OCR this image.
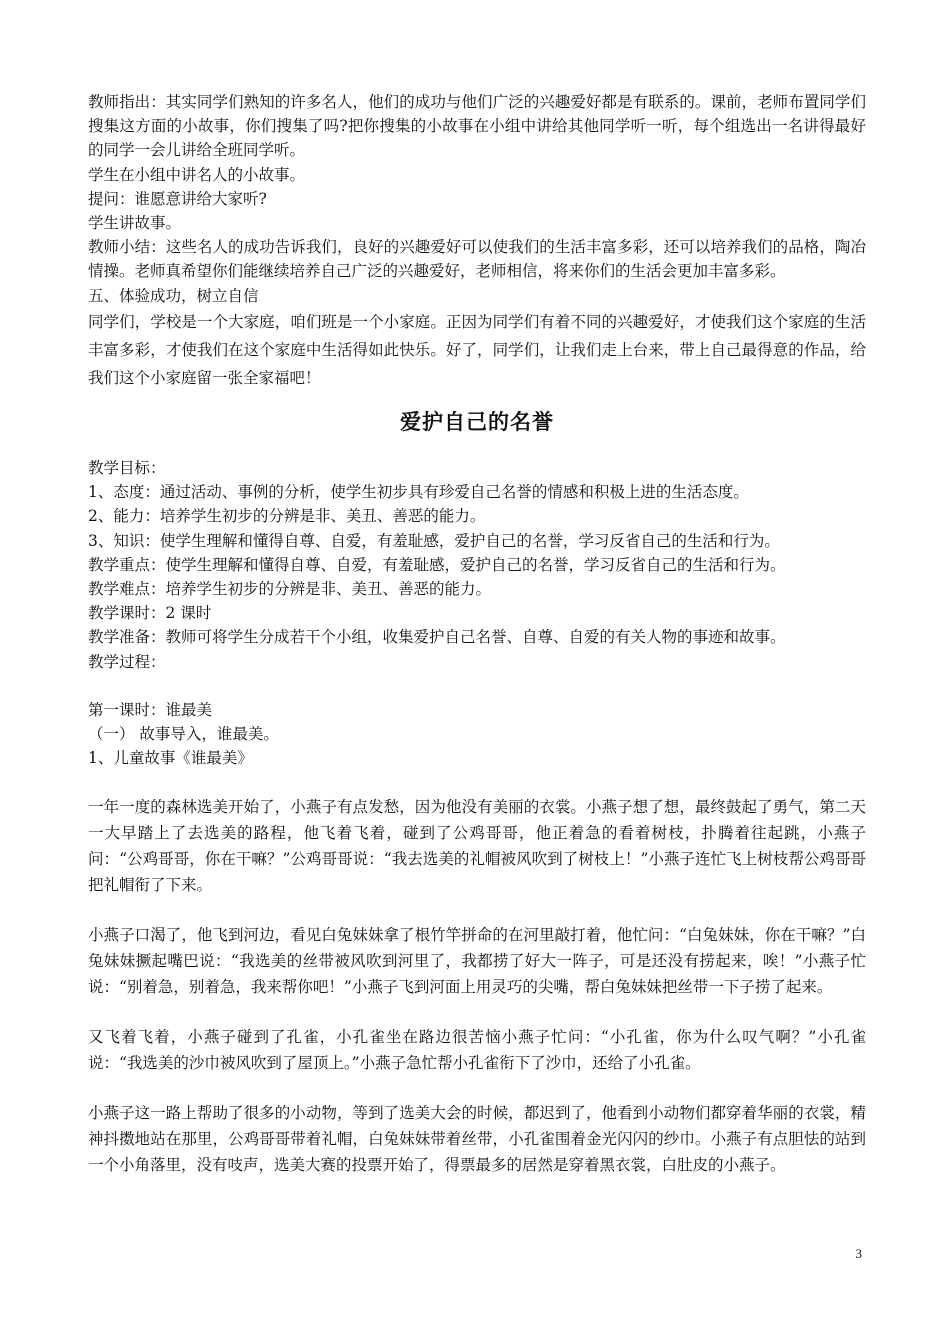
教师指出：其实同学们熟知的许多名人，他们的成功与他们广泛的兴趣爱好都是有联系的。课前，老师布置同学们搜集这方面的小故事，你们搜集了吗?把你搜集的小故事在小组中讲给其他同学听一听，每个组选出一名讲得最好的同学一会儿讲给全班同学听。

学生在小组中讲名人的小故事。

提问：谁愿意讲给大家听?

学生讲故事。

教师小结：这些名人的成功告诉我们，良好的兴趣爱好可以使我们的生活丰富多彩，还可以培养我们的品格，陶冶情操。老师真希望你们能继续培养自己广泛的兴趣爱好，老师相信，将来你们的生活会更加丰富多彩。

五、体验成功，树立自信

同学们，学校是一个大家庭，咱们班是一个小家庭。正因为同学们有着不同的兴趣爱好，才使我们这个家庭的生活丰富多彩，才使我们在这个家庭中生活得如此快乐。好了，同学们，让我们走上台来，带上自己最得意的作品，给我们这个小家庭留一张全家福吧！

爱护自己的名誉

教学目标：

1、态度：通过活动、事例的分析，使学生初步具有珍爱自己名誉的情感和积极上进的生活态度。

2、能力：培养学生初步的分辨是非、美丑、善恶的能力。

3、知识：使学生理解和懂得自尊、自爱，有羞耻感，爱护自己的名誉，学习反省自己的生活和行为。

教学重点：使学生理解和懂得自尊、自爱，有羞耻感，爱护自己的名誉，学习反省自己的生活和行为。

教学难点：培养学生初步的分辨是非、美丑、善恶的能力。

教学课时：2 课时

教学准备：教师可将学生分成若干个小组，收集爱护自己名誉、自尊、自爱的有关人物的事迹和故事。

教学过程：

第一课时：谁最美

（一） 故事导入，谁最美。

1、儿童故事《谁最美》

一年一度的森林选美开始了，小燕子有点发愁，因为他没有美丽的衣裳。小燕子想了想，最终鼓起了勇气，第二天一大早踏上了去选美的路程，他飞着飞着，碰到了公鸡哥哥，他正着急的看着树枝，扑腾着往起跳，小燕子问：“公鸡哥哥，你在干嘛？”公鸡哥哥说：“我去选美的礼帽被风吹到了树枝上！”小燕子连忙飞上树枝帮公鸡哥哥把礼帽衔了下来。

小燕子口渴了，他飞到河边，看见白兔妹妹拿了根竹竿拼命的在河里敲打着，他忙问：“白兔妹妹，你在干嘛？”白兔妹妹撅起嘴巴说：“我选美的丝带被风吹到河里了，我都捞了好大一阵子，可是还没有捞起来，唉！”小燕子忙说：“别着急，别着急，我来帮你吧！”小燕子飞到河面上用灵巧的尖嘴，帮白兔妹妹把丝带一下子捞了起来。

又飞着飞着，小燕子碰到了孔雀，小孔雀坐在路边很苦恼小燕子忙问：“小孔雀，你为什么叹气啊？”小孔雀说：“我选美的沙巾被风吹到了屋顶上。”小燕子急忙帮小孔雀衔下了沙巾，还给了小孔雀。

小燕子这一路上帮助了很多的小动物，等到了选美大会的时候，都迟到了，他看到小动物们都穿着华丽的衣裳，精神抖擞地站在那里，公鸡哥哥带着礼帽，白兔妹妹带着丝带，小孔雀围着金光闪闪的纱巾。小燕子有点胆怯的站到一个小角落里，没有吱声，选美大赛的投票开始了，得票最多的居然是穿着黑衣裳，白肚皮的小燕子。

3
